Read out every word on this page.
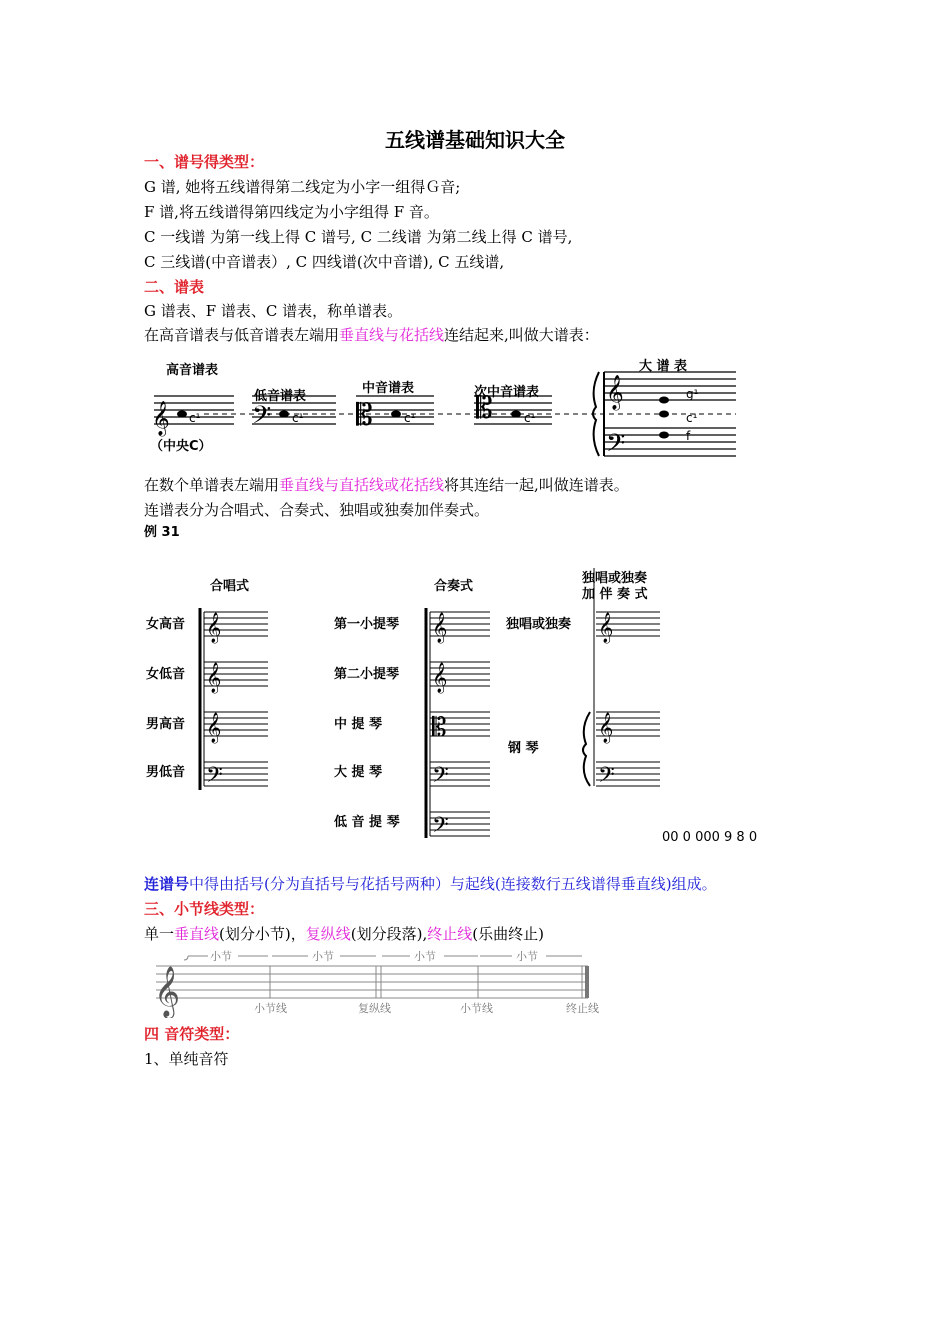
五线谱基础知识大全
一、谱号得类型：
G 谱, 她将五线谱得第二线定为小字一组得Ｇ音;
F 谱,将五线谱得第四线定为小字组得 F 音。
C 一线谱 为第一线上得 C 谱号, C 二线谱 为第二线上得 C 谱号,
C 三线谱(中音谱表）, C 四线谱(次中音谱), C 五线谱,
二、谱表
G 谱表、F 谱表、C 谱表，称单谱表。
在高音谱表与低音谱表左端用垂直线与花括线连结起来,叫做大谱表：
高音谱表
低音谱表
中音谱表	次中音谱表
大 谱 表
（中央C）
𝄞	𝄢	𝄡	𝄡	𝄞
𝄢
c¹	c¹	c¹	c¹
g¹
c¹
f
在数个单谱表左端用垂直线与直括线或花括线将其连结一起,叫做连谱表。
连谱表分为合唱式、合奏式、独唱或独奏加伴奏式。
例 31
合唱式	合奏式
独唱或独奏
加 伴 奏 式
女高音
女低音
男高音
男低音
第一小提琴
第二小提琴
中 提 琴
大 提 琴
低 音 提 琴
独唱或独奏
钢 琴
𝄞
𝄞
𝄞
𝄢
𝄞
𝄞
𝄡
𝄢
𝄢
𝄞
𝄞
𝄢
00 0 000 9 8 0
连谱号中得由括号(分为直括号与花括号两种）与起线(连接数行五线谱得垂直线)组成。
三、小节线类型：
单一垂直线(划分小节)，复纵线(划分段落),终止线(乐曲终止)
𝄞
小节	小节	小节	小节
小节线	复纵线	小节线	终止线
四 音符类型：
1、单纯音符
